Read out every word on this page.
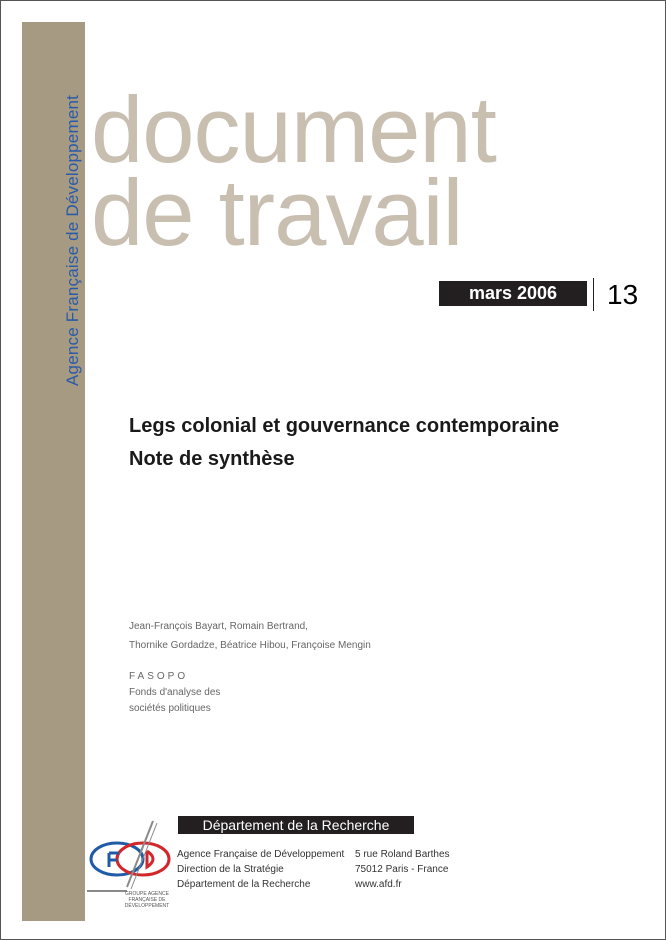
Agence Française de Développement document
de travail
mars 2006	13
Legs colonial et gouvernance contemporaine
Note de synthèse
Jean-François Bayart, Romain Bertrand,
Thornike Gordadze, Béatrice Hibou, Françoise Mengin
FASOPO
Fonds d'analyse des
sociétés politiques
Département de la Recherche
GROUPE AGENCE
FRANÇAISE DE
DÉVELOPPEMENT
Agence Française de Développement
Direction de la Stratégie
Département de la Recherche
5 rue Roland Barthes
75012 Paris - France
www.afd.fr
